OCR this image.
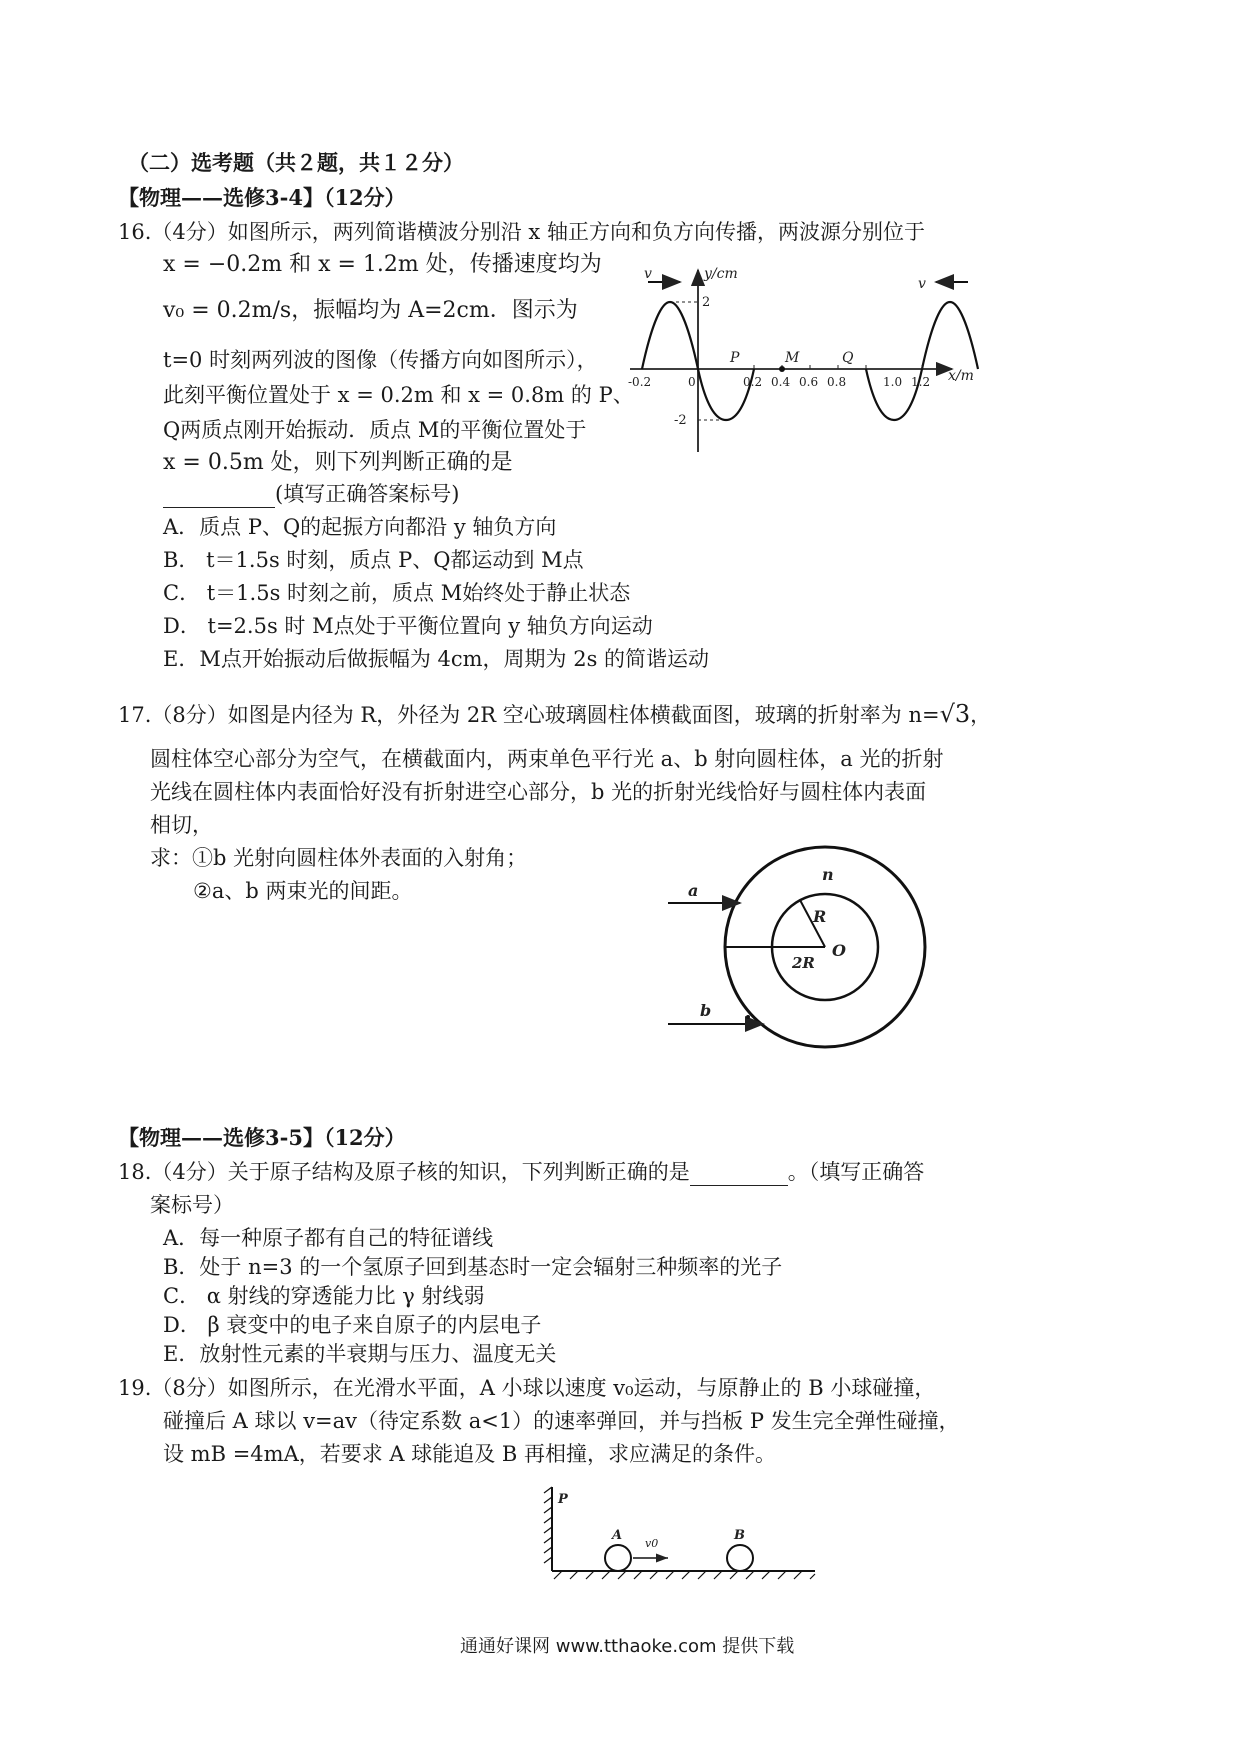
（二）选考题（共２题，共１２分）
【物理——选修3-4】（12分）
16.（4分）如图所示，两列简谐横波分别沿 x 轴正方向和负方向传播，两波源分别位于
x = −0.2m 和 x = 1.2m 处，传播速度均为
v₀ = 0.2m/s，振幅均为 A=2cm．图示为
t=0 时刻两列波的图像（传播方向如图所示），
此刻平衡位置处于 x = 0.2m 和 x = 0.8m 的 P、
Q两质点刚开始振动．质点 M的平衡位置处于
x = 0.5m 处，则下列判断正确的是
(填写正确答案标号)
A．质点 P、Q的起振方向都沿 y 轴负方向
B． t＝1.5s 时刻，质点 P、Q都运动到 M点
C． t＝1.5s 时刻之前，质点 M始终处于静止状态
D． t=2.5s 时 M点处于平衡位置向 y 轴负方向运动
E．M点开始振动后做振幅为 4cm，周期为 2s 的简谐运动
v
v
y/cm
x/m
2
-2
-0.2	0	0.2 0.4 0.6 0.8	1.0 1.2
P	M	Q
17.（8分）如图是内径为 R，外径为 2R 空心玻璃圆柱体横截面图，玻璃的折射率为 n=√3，
圆柱体空心部分为空气，在横截面内，两束单色平行光 a、b 射向圆柱体，a 光的折射
光线在圆柱体内表面恰好没有折射进空心部分，b 光的折射光线恰好与圆柱体内表面
相切，
求：①b 光射向圆柱体外表面的入射角；
②a、b 两束光的间距。	a
b
n
R
2R
O
【物理——选修3-5】（12分）
18.（4分）关于原子结构及原子核的知识，下列判断正确的是	。（填写正确答
案标号）
A．每一种原子都有自己的特征谱线
B．处于 n=3 的一个氢原子回到基态时一定会辐射三种频率的光子
C． α 射线的穿透能力比 γ 射线弱
D． β 衰变中的电子来自原子的内层电子
E．放射性元素的半衰期与压力、温度无关
19.（8分）如图所示，在光滑水平面，A 小球以速度 v₀运动，与原静止的 B 小球碰撞，
碰撞后 A 球以 v=av（待定系数 a<1）的速率弹回，并与挡板 P 发生完全弹性碰撞，
设 mB =4mA，若要求 A 球能追及 B 再相撞，求应满足的条件。
P
A
v0
B
通通好课网 www.tthaoke.com 提供下载
